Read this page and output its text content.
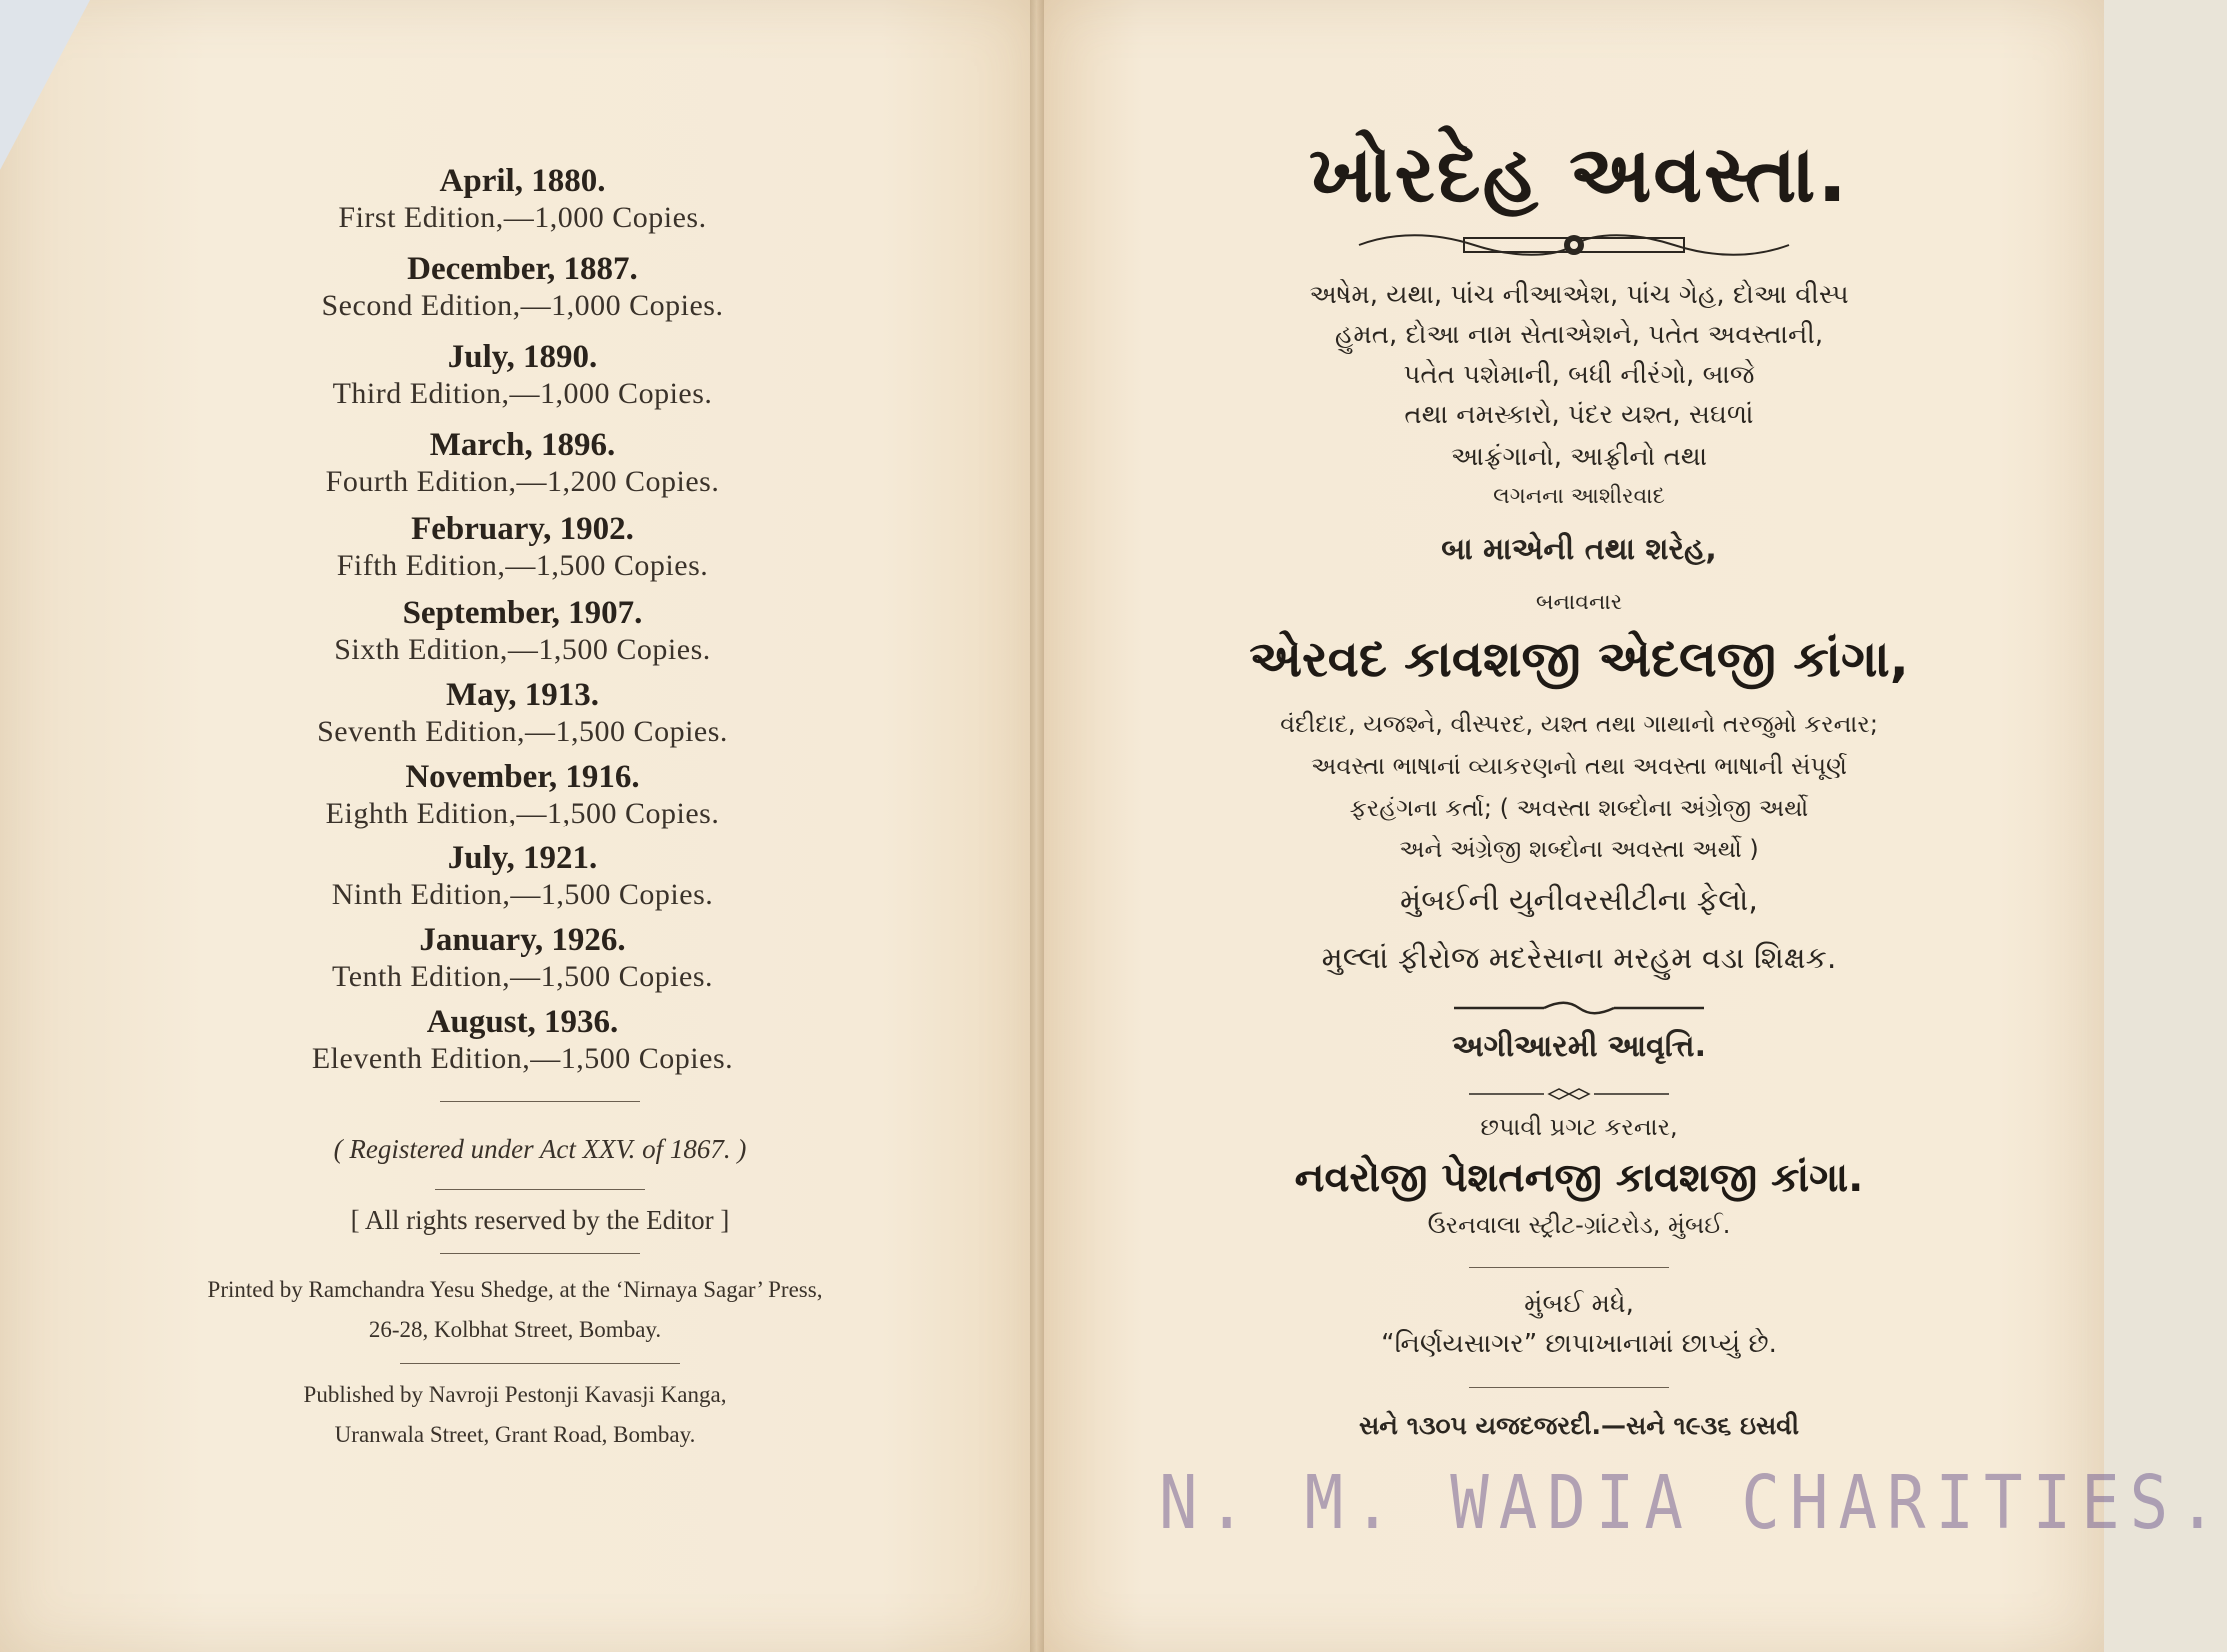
April, 1880.
First Edition,—1,000 Copies.
December, 1887.
Second Edition,—1,000 Copies.
July, 1890.
Third Edition,—1,000 Copies.
March, 1896.
Fourth Edition,—1,200 Copies.
February, 1902.
Fifth Edition,—1,500 Copies.
September, 1907.
Sixth Edition,—1,500 Copies.
May, 1913.
Seventh Edition,—1,500 Copies.
November, 1916.
Eighth Edition,—1,500 Copies.
July, 1921.
Ninth Edition,—1,500 Copies.
January, 1926.
Tenth Edition,—1,500 Copies.
August, 1936.
Eleventh Edition,—1,500 Copies.
( Registered under Act XXV. of 1867. )
[ All rights reserved by the Editor ]
Printed by Ramchandra Yesu Shedge, at the ‘Nirnaya Sagar’ Press,
26-28, Kolbhat Street, Bombay.
Published by Navroji Pestonji Kavasji Kanga,
Uranwala Street, Grant Road, Bombay.
ખોરદેહ અવસ્તા.
અષેમ, યથા, પાંચ નીઆએશ, પાંચ ગેહ, દોઆ વીસ્પ
હુમત, દોઆ નામ સેતાએશને, પતેત અવસ્તાની,
પતેત પશેમાની, બધી નીરંગો, બાજે
તથા નમસ્કારો, પંદર યશ્ત, સઘળાં
આફ્રંગાનો, આફ્રીનો તથા
લગનના આશીરવાદ
બા માએની તથા શરેહ,
બનાવનાર
એરવદ કાવશજી એદલજી કાંગા,
વંદીદાદ, યજશ્ને, વીસ્પરદ, યશ્ત તથા ગાથાનો તરજુમો કરનાર;
અવસ્તા ભાષાનાં વ્યાકરણનો તથા અવસ્તા ભાષાની સંપૂર્ણ
ફરહંગના કર્તા; ( અવસ્તા શબ્દોના અંગ્રેજી અર્થો
અને અંગ્રેજી શબ્દોના અવસ્તા અર્થો )
મુંબઈની યુનીવરસીટીના ફેલો,
મુલ્લાં ફીરોજ મદરેસાના મરહુમ વડા શિક્ષક.
અગીઆરમી આવૃત્તિ.
છપાવી પ્રગટ કરનાર,
નવરોજી પેશતનજી કાવશજી કાંગા.
ઉરનવાલા સ્ટ્રીટ-ગ્રાંટરોડ, મુંબઈ.
મુંબઈ મધે,
“નિર્ણયસાગર” છાપાખાનામાં છાપ્યું છે.
સને ૧૩૦૫ યજદજરદી.—સને ૧૯૩૬ ઇસવી
N. M. WADIA CHARITIES.
